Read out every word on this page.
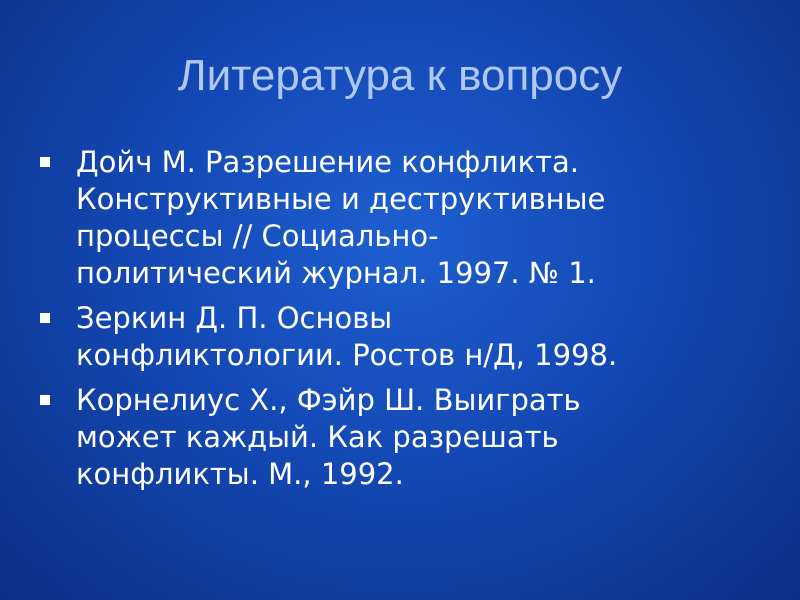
Литература к вопросу
Дойч М. Разрешение конфликта.
Конструктивные и деструктивные
процессы // Социально-
политический журнал. 1997. № 1.
Зеркин Д. П. Основы
конфликтологии. Ростов н/Д, 1998.
Корнелиус Х., Фэйр Ш. Выиграть
может каждый. Как разрешать
конфликты. М., 1992.
